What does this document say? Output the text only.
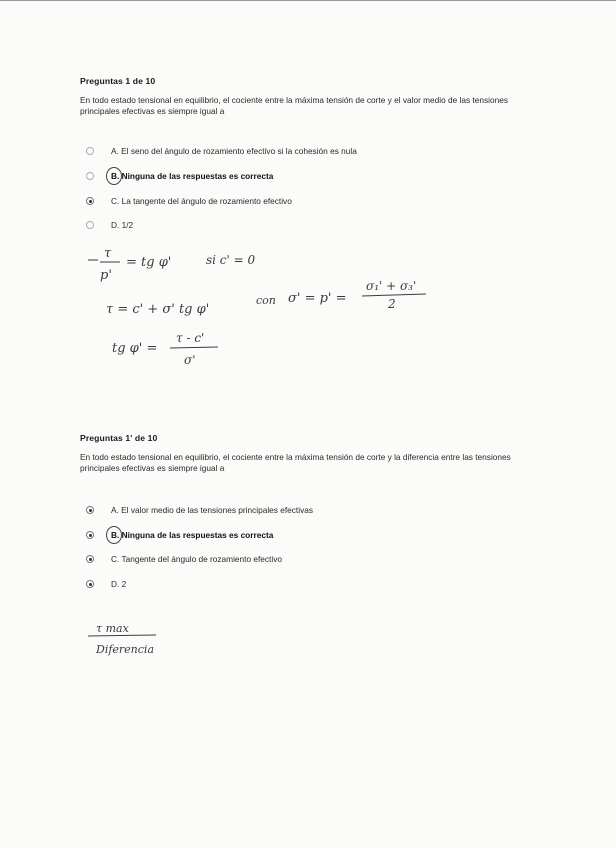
Preguntas 1 de 10
En todo estado tensional en equilibrio, el cociente entre la máxima tensión de corte y el valor medio de las tensiones principales efectivas es siempre igual a
A. El seno del ángulo de rozamiento efectivo si la cohesión es nula
B. Ninguna de las respuestas es correcta
C. La tangente del ángulo de rozamiento efectivo
D. 1/2
τ
p'
= tg φ'	si c' = 0
τ = c' + σ' tg φ'
con σ' = p' =
σ₁' + σ₃'
2
tg φ' =
τ - c'
σ'
Preguntas 1' de 10
En todo estado tensional en equilibrio, el cociente entre la máxima tensión de corte y la diferencia entre las tensiones principales efectivas es siempre igual a
A. El valor medio de las tensiones principales efectivas
B. Ninguna de las respuestas es correcta
C. Tangente del ángulo de rozamiento efectivo
D. 2
τ max
Diferencia
